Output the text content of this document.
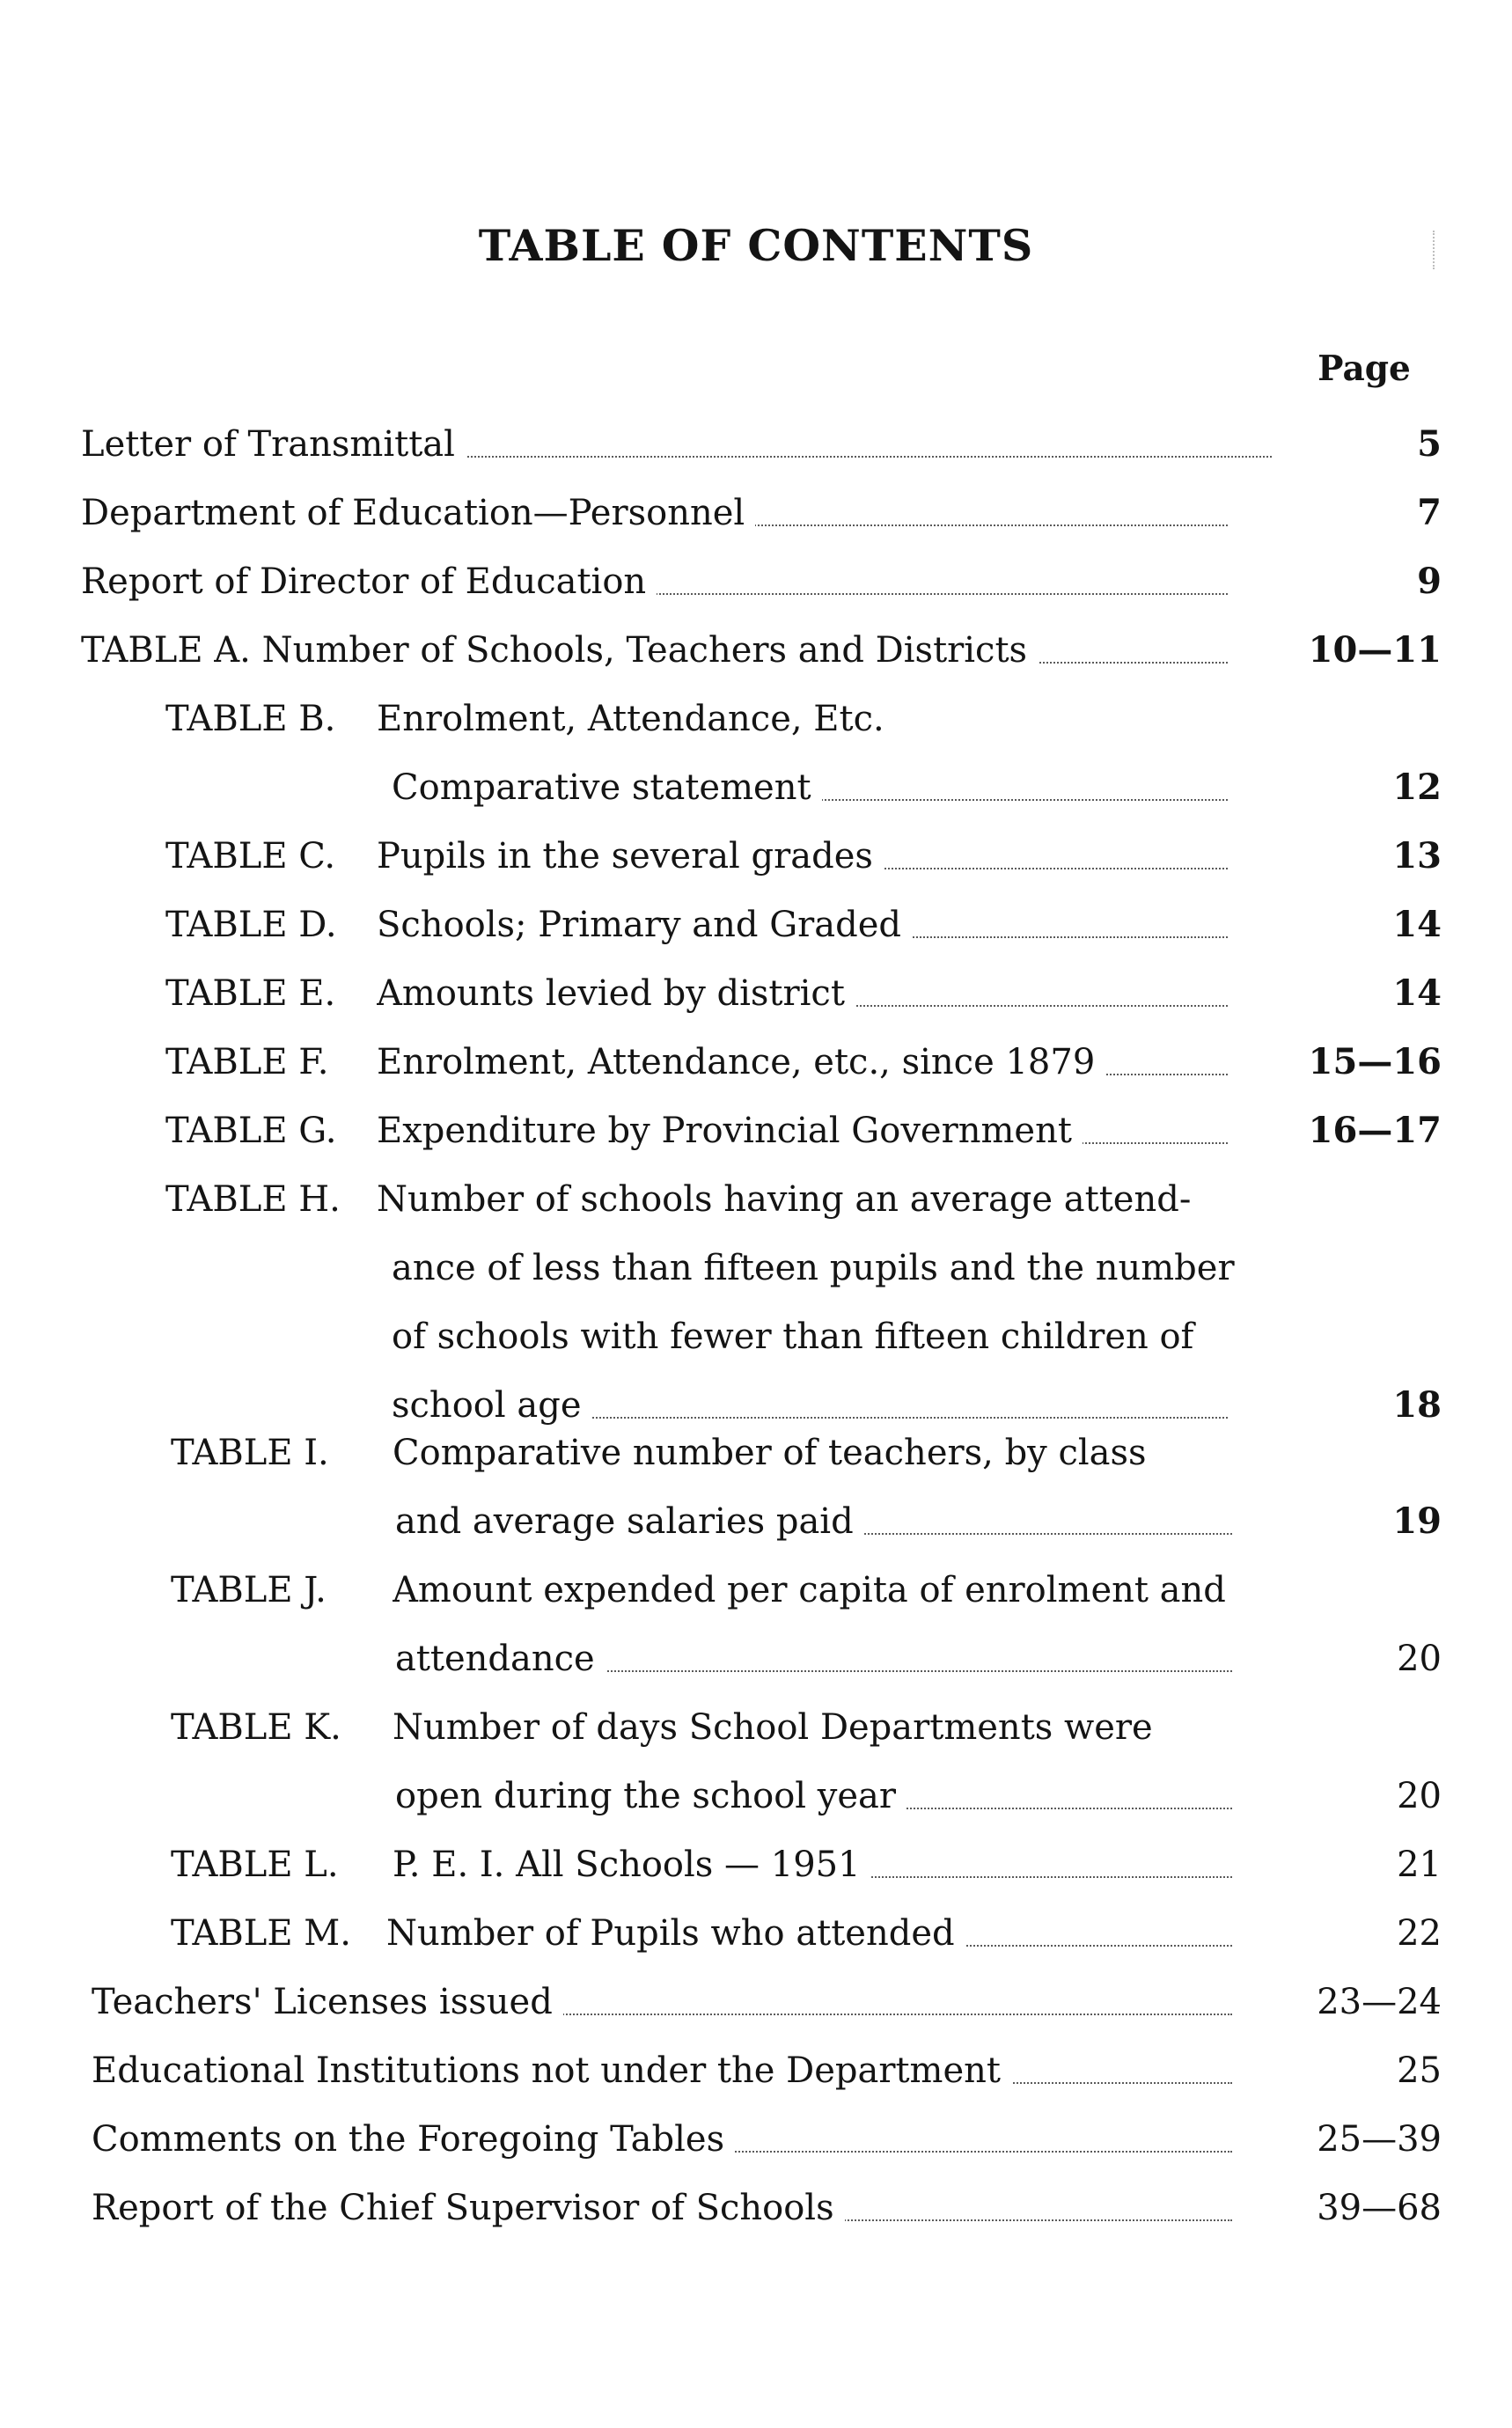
TABLE OF CONTENTS
Page
Letter of Transmittal	5
Department of Education—Personnel	7
Report of Director of Education	9
TABLE A. Number of Schools, Teachers and Districts	10—11
TABLE B. Enrolment, Attendance, Etc.
Comparative statement	12
TABLE C. Pupils in the several grades	13
TABLE D. Schools; Primary and Graded	14
TABLE E. Amounts levied by district	14
TABLE F. Enrolment, Attendance, etc., since 1879	15—16
TABLE G. Expenditure by Provincial Government	16—17
TABLE H. Number of schools having an average attend-
ance of less than fifteen pupils and the number
of schools with fewer than fifteen children of
school age	18
TABLE I. Comparative number of teachers, by class
and average salaries paid	19
TABLE J. Amount expended per capita of enrolment and
attendance	20
TABLE K. Number of days School Departments were
open during the school year	20
TABLE L. P. E. I. All Schools — 1951	21
TABLE M. Number of Pupils who attended	22
Teachers' Licenses issued	23—24
Educational Institutions not under the Department	25
Comments on the Foregoing Tables	25—39
Report of the Chief Supervisor of Schools	39—68
